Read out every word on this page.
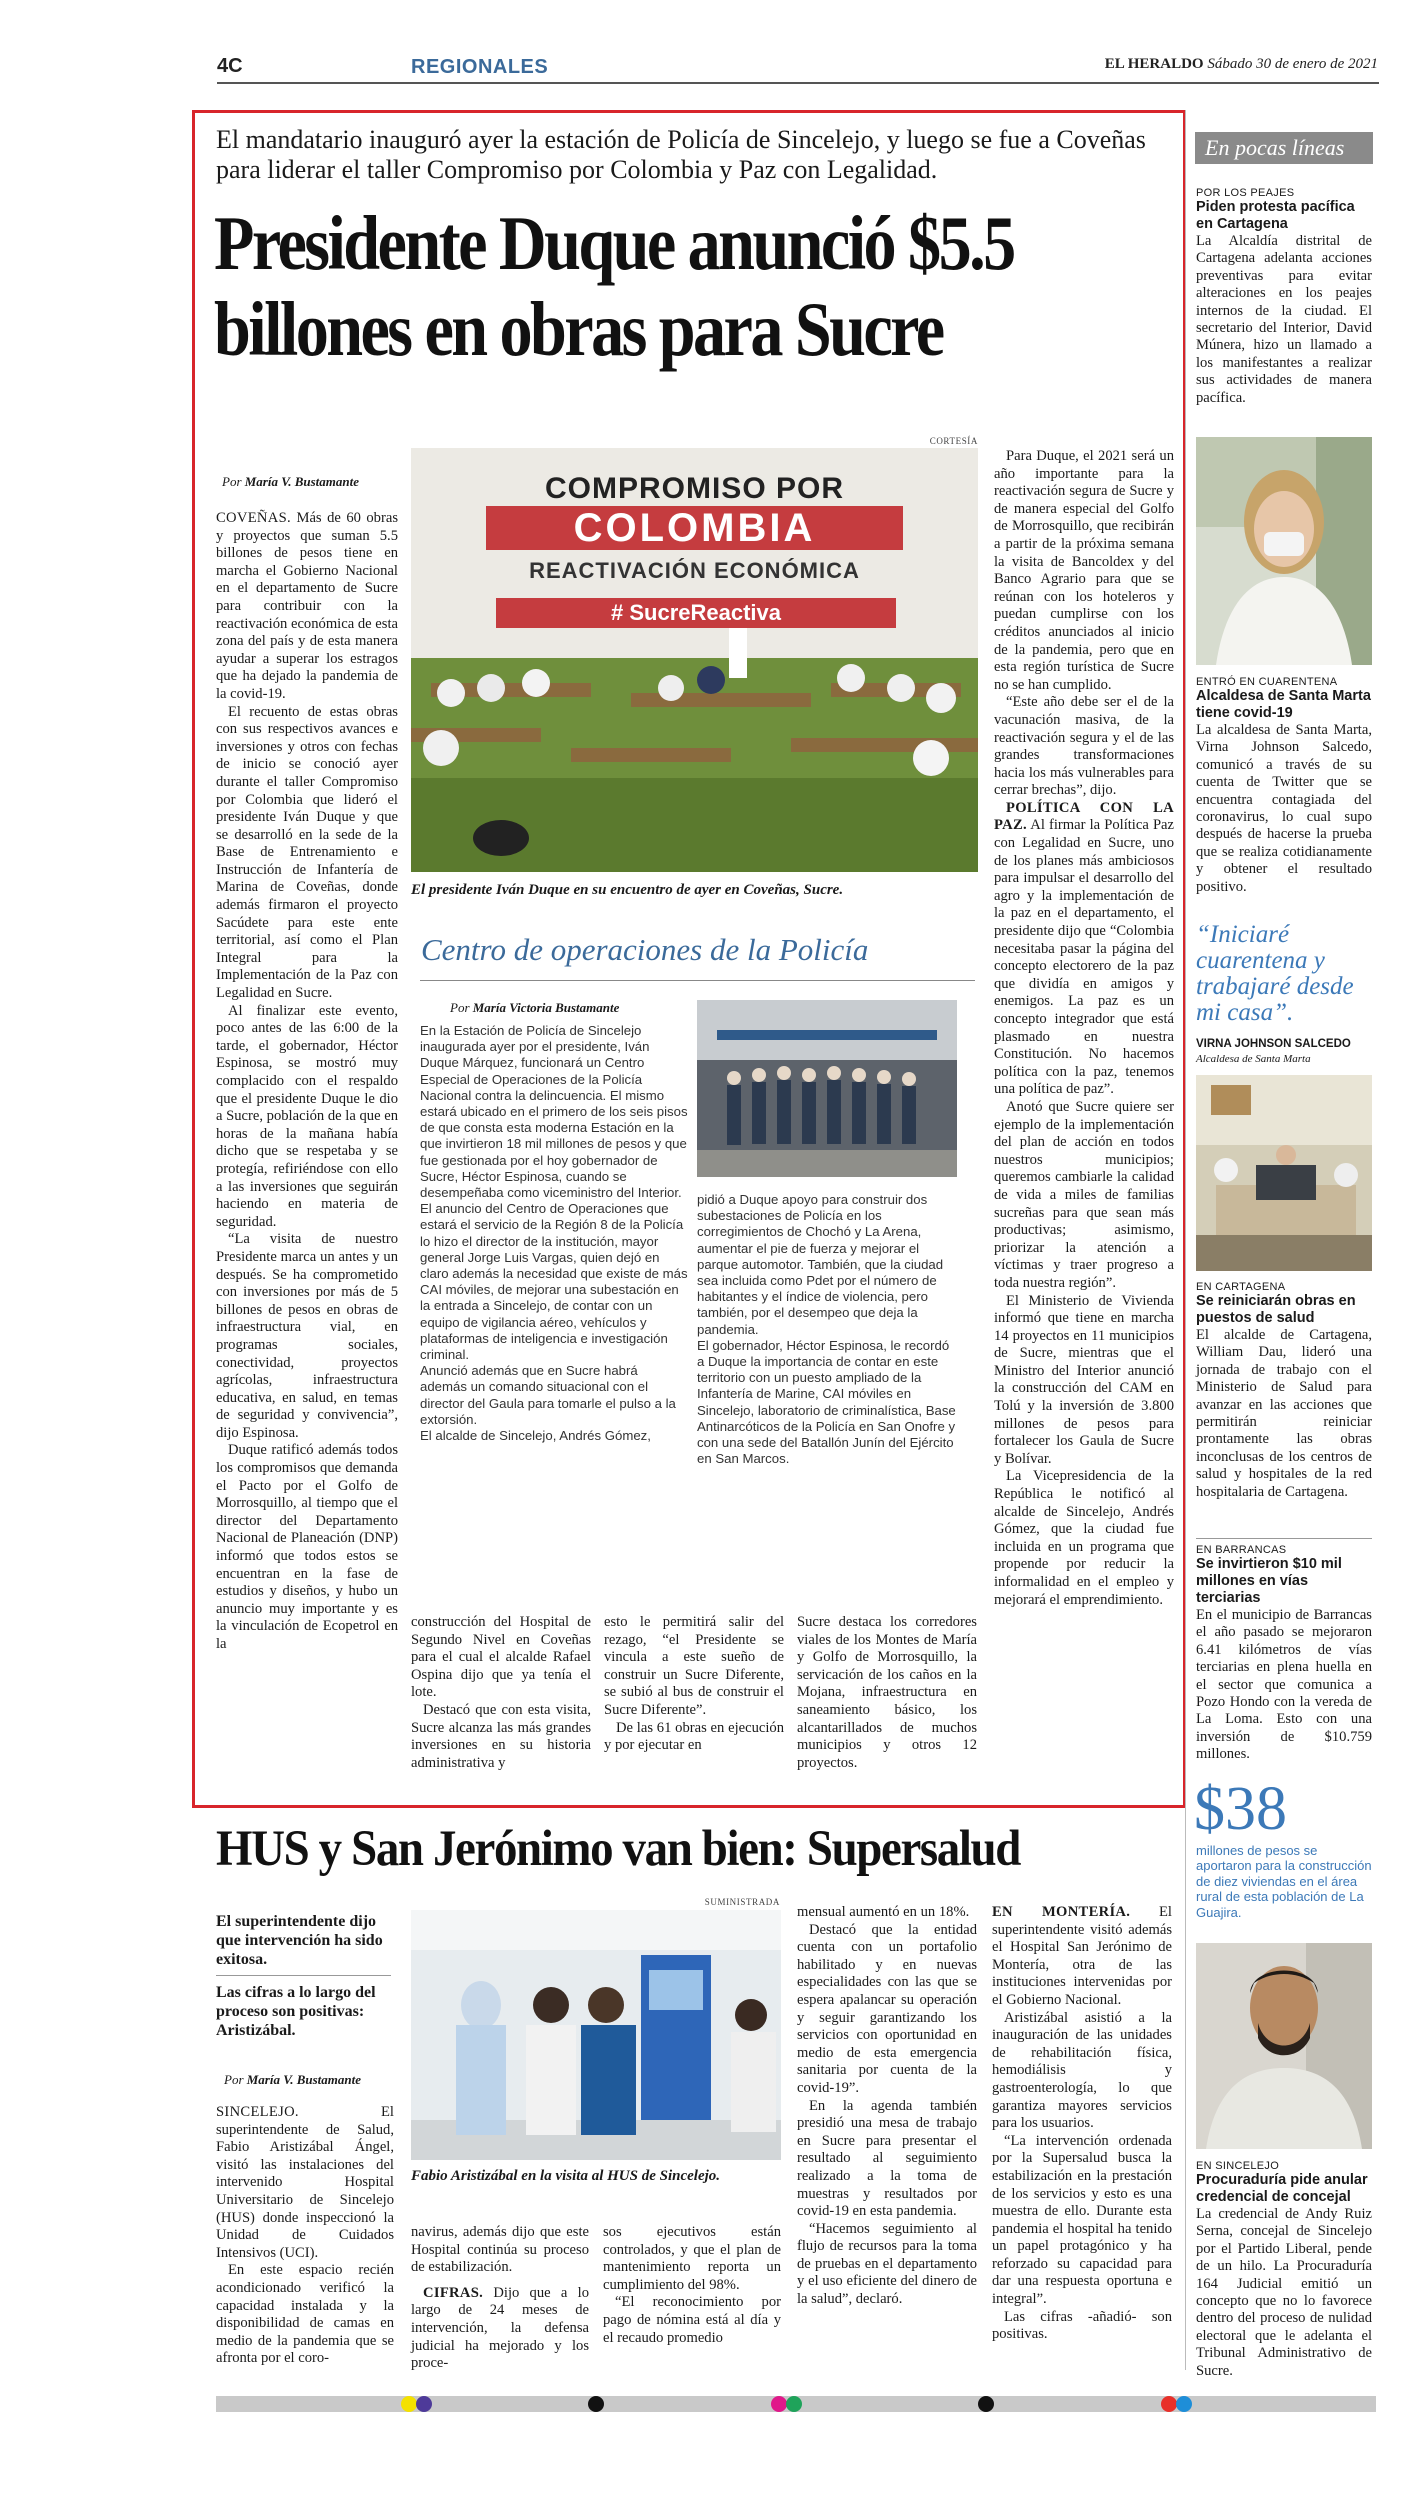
4C	REGIONALES	EL HERALDO Sábado 30 de enero de 2021
El mandatario inauguró ayer la estación de Policía de Sincelejo, y luego se fue a Coveñas para liderar el taller Compromiso por Colombia y Paz con Legalidad.
Presidente Duque anunció $5.5 billones en obras para Sucre
CORTESÍA
COMPROMISO POR
COLOMBIA
REACTIVACIÓN ECONÓMICA
# SucreReactiva
El presidente Iván Duque en su encuentro de ayer en Coveñas, Sucre.
Por María V. Bustamante

COVEÑAS. Más de 60 obras y proyectos que suman 5.5 billones de pesos tiene en marcha el Gobierno Nacional en el departamento de Sucre para contribuir con la reactivación económica de esta zona del país y de esta manera ayudar a superar los estragos que ha dejado la pandemia de la covid-19.

El recuento de estas obras con sus respectivos avances e inversiones y otros con fechas de inicio se conoció ayer durante el taller Compromiso por Colombia que lideró el presidente Iván Duque y que se desarrolló en la sede de la Base de Entrenamiento e Instrucción de Infantería de Marina de Coveñas, donde además firmaron el proyecto Sacúdete para este ente territorial, así como el Plan Integral para la Implementación de la Paz con Legalidad en Sucre.

Al finalizar este evento, poco antes de las 6:00 de la tarde, el gobernador, Héctor Espinosa, se mostró muy complacido con el respaldo que el presidente Duque le dio a Sucre, población de la que en horas de la mañana había dicho que se respetaba y se protegía, refiriéndose con ello a las inversiones que seguirán haciendo en materia de seguridad.

“La visita de nuestro Presidente marca un antes y un después. Se ha comprometido con inversiones por más de 5 billones de pesos en obras de infraestructura vial, en programas sociales, conectividad, proyectos agrícolas, infraestructura educativa, en salud, en temas de seguridad y convivencia”, dijo Espinosa.

Duque ratificó además todos los compromisos que demanda el Pacto por el Golfo de Morrosquillo, al tiempo que el director del Departamento Nacional de Planeación (DNP) informó que todos estos se encuentran en la fase de estudios y diseños, y hubo un anuncio muy importante y es la vinculación de Ecopetrol en la

Centro de operaciones de la Policía
Por María Victoria Bustamante

En la Estación de Policía de Sincelejo inaugurada ayer por el presidente, Iván Duque Márquez, funcionará un Centro Especial de Operaciones de la Policía Nacional contra la delincuencia. El mismo estará ubicado en el primero de los seis pisos de que consta esta moderna Estación en la que invirtieron 18 mil millones de pesos y que fue gestionada por el hoy gobernador de Sucre, Héctor Espinosa, cuando se desempeñaba como viceministro del Interior.

El anuncio del Centro de Operaciones que estará el servicio de la Región 8 de la Policía lo hizo el director de la institución, mayor general Jorge Luis Vargas, quien dejó en claro además la necesidad que existe de más CAI móviles, de mejorar una subestación en la entrada a Sincelejo, de contar con un equipo de vigilancia aéreo, vehículos y plataformas de inteligencia e investigación criminal.

Anunció además que en Sucre habrá además un comando situacional con el director del Gaula para tomarle el pulso a la extorsión.

El alcalde de Sincelejo, Andrés Gómez,

pidió a Duque apoyo para construir dos subestaciones de Policía en los corregimientos de Chochó y La Arena, aumentar el pie de fuerza y mejorar el parque automotor. También, que la ciudad sea incluida como Pdet por el número de habitantes y el índice de violencia, pero también, por el desempeo que deja la pandemia.

El gobernador, Héctor Espinosa, le recordó a Duque la importancia de contar en este territorio con un puesto ampliado de la Infantería de Marine, CAI móviles en Sincelejo, laboratorio de criminalística, Base Antinarcóticos de la Policía en San Onofre y con una sede del Batallón Junín del Ejército en San Marcos.

construcción del Hospital de Segundo Nivel en Coveñas para el cual el alcalde Rafael Ospina dijo que ya tenía el lote.

Destacó que con esta visita, Sucre alcanza las más grandes inversiones en su historia administrativa y

esto le permitirá salir del rezago, “el Presidente se vincula a este sueño de construir un Sucre Diferente, se subió al bus de construir el Sucre Diferente”.

De las 61 obras en ejecución y por ejecutar en

Sucre destaca los corredores viales de los Montes de María y Golfo de Morrosquillo, la servicación de los caños en la Mojana, infraestructura en saneamiento básico, los alcantarillados de muchos municipios y otros 12 proyectos.

Para Duque, el 2021 será un año importante para la reactivación segura de Sucre y de manera especial del Golfo de Morrosquillo, que recibirán a partir de la próxima semana la visita de Bancoldex y del Banco Agrario para que se reúnan con los hoteleros y puedan cumplirse con los créditos anunciados al inicio de la pandemia, pero que en esta región turística de Sucre no se han cumplido.

“Este año debe ser el de la vacunación masiva, de la reactivación segura y el de las grandes transformaciones hacia los más vulnerables para cerrar brechas”, dijo.

POLÍTICA CON LA PAZ. Al firmar la Política Paz con Legalidad en Sucre, uno de los planes más ambiciosos para impulsar el desarrollo del agro y la implementación de la paz en el departamento, el presidente dijo que “Colombia necesitaba pasar la página del concepto electorero de la paz que dividía en amigos y enemigos. La paz es un concepto integrador que está plasmado en nuestra Constitución. No hacemos política con la paz, tenemos una política de paz”.

Anotó que Sucre quiere ser ejemplo de la implementación del plan de acción en todos nuestros municipios; queremos cambiarle la calidad de vida a miles de familias sucreñas para que sean más productivas; asimismo, priorizar la atención a víctimas y traer progreso a toda nuestra región”.

El Ministerio de Vivienda informó que tiene en marcha 14 proyectos en 11 municipios de Sucre, mientras que el Ministro del Interior anunció la construcción del CAM en Tolú y la inversión de 3.800 millones de pesos para fortalecer los Gaula de Sucre y Bolívar.

La Vicepresidencia de la República le notificó al alcalde de Sincelejo, Andrés Gómez, que la ciudad fue incluida en un programa que propende por reducir la informalidad en el empleo y mejorará el emprendimiento.

En pocas líneas
POR LOS PEAJES
Piden protesta pacífica en Cartagena
La Alcaldía distrital de Cartagena adelanta acciones preventivas para evitar alteraciones en los peajes internos de la ciudad. El secretario del Interior, David Múnera, hizo un llamado a los manifestantes a realizar sus actividades de manera pacífica.
ENTRÓ EN CUARENTENA
Alcaldesa de Santa Marta tiene covid-19
La alcaldesa de Santa Marta, Virna Johnson Salcedo, comunicó a través de su cuenta de Twitter que se encuentra contagiada del coronavirus, lo cual supo después de hacerse la prueba que se realiza cotidianamente y obtener el resultado positivo.
“Iniciaré cuarentena y trabajaré desde mi casa”.
VIRNA JOHNSON SALCEDO
Alcaldesa de Santa Marta
EN CARTAGENA
Se reiniciarán obras en puestos de salud
El alcalde de Cartagena, William Dau, lideró una jornada de trabajo con el Ministerio de Salud para avanzar en las acciones que permitirán reiniciar prontamente las obras inconclusas de los centros de salud y hospitales de la red hospitalaria de Cartagena.
EN BARRANCAS
Se invirtieron $10 mil millones en vías terciarias
En el municipio de Barrancas el año pasado se mejoraron 6.41 kilómetros de vías terciarias en plena huella en el sector que comunica a Pozo Hondo con la vereda de La Loma. Esto con una inversión de $10.759 millones.
$38
millones de pesos se aportaron para la construcción de diez viviendas en el área rural de esta población de La Guajira.
EN SINCELEJO
Procuraduría pide anular credencial de concejal
La credencial de Andy Ruiz Serna, concejal de Sincelejo por el Partido Liberal, pende de un hilo. La Procuraduría 164 Judicial emitió un concepto que no lo favorece dentro del proceso de nulidad electoral que le adelanta el Tribunal Administrativo de Sucre.
HUS y San Jerónimo van bien: Supersalud
El superintendente dijo que intervención ha sido exitosa.
Las cifras a lo largo del proceso son positivas: Aristizábal.
Por María V. Bustamante

SINCELEJO.	El superintendente de Salud, Fabio Aristizábal Ángel, visitó las instalaciones del intervenido Hospital Universitario de Sincelejo (HUS) donde inspeccionó la Unidad de Cuidados Intensivos (UCI).

En este espacio recién acondicionado verificó la capacidad instalada y la disponibilidad de camas en medio de la pandemia que se afronta por el coro-

SUMINISTRADA
Fabio Aristizábal en la visita al HUS de Sincelejo.

navirus, además dijo que este Hospital continúa su proceso de estabilización.

CIFRAS. Dijo que a lo largo de 24 meses de intervención, la defensa judicial ha mejorado y los proce-

sos ejecutivos están controlados, y que el plan de mantenimiento reporta un cumplimiento del 98%.

“El reconocimiento por pago de nómina está al día y el recaudo promedio

mensual aumentó en un 18%.

Destacó que la entidad cuenta con un portafolio habilitado y en nuevas especialidades con las que se espera apalancar su operación y seguir garantizando los servicios con oportunidad en medio de esta emergencia sanitaria por cuenta de la covid-19”.

En la agenda también presidió una mesa de trabajo en Sucre para presentar el resultado al seguimiento realizado a la toma de muestras y resultados por covid-19 en esta pandemia.

“Hacemos seguimiento al flujo de recursos para la toma de pruebas en el departamento y el uso eficiente del dinero de la salud”, declaró.

EN MONTERÍA. El superintendente visitó además el Hospital San Jerónimo de Montería, otra de las instituciones intervenidas por el Gobierno Nacional.

Aristizábal asistió a la inauguración de las unidades de rehabilitación física, hemodiálisis y gastroenterología, lo que garantiza mayores servicios para los usuarios.

“La intervención ordenada por la Supersalud busca la estabilización en la prestación de los servicios y esto es una muestra de ello. Durante esta pandemia el hospital ha tenido un papel protagónico y ha reforzado su capacidad para dar una respuesta oportuna e integral”.

Las cifras -añadió- son positivas.
